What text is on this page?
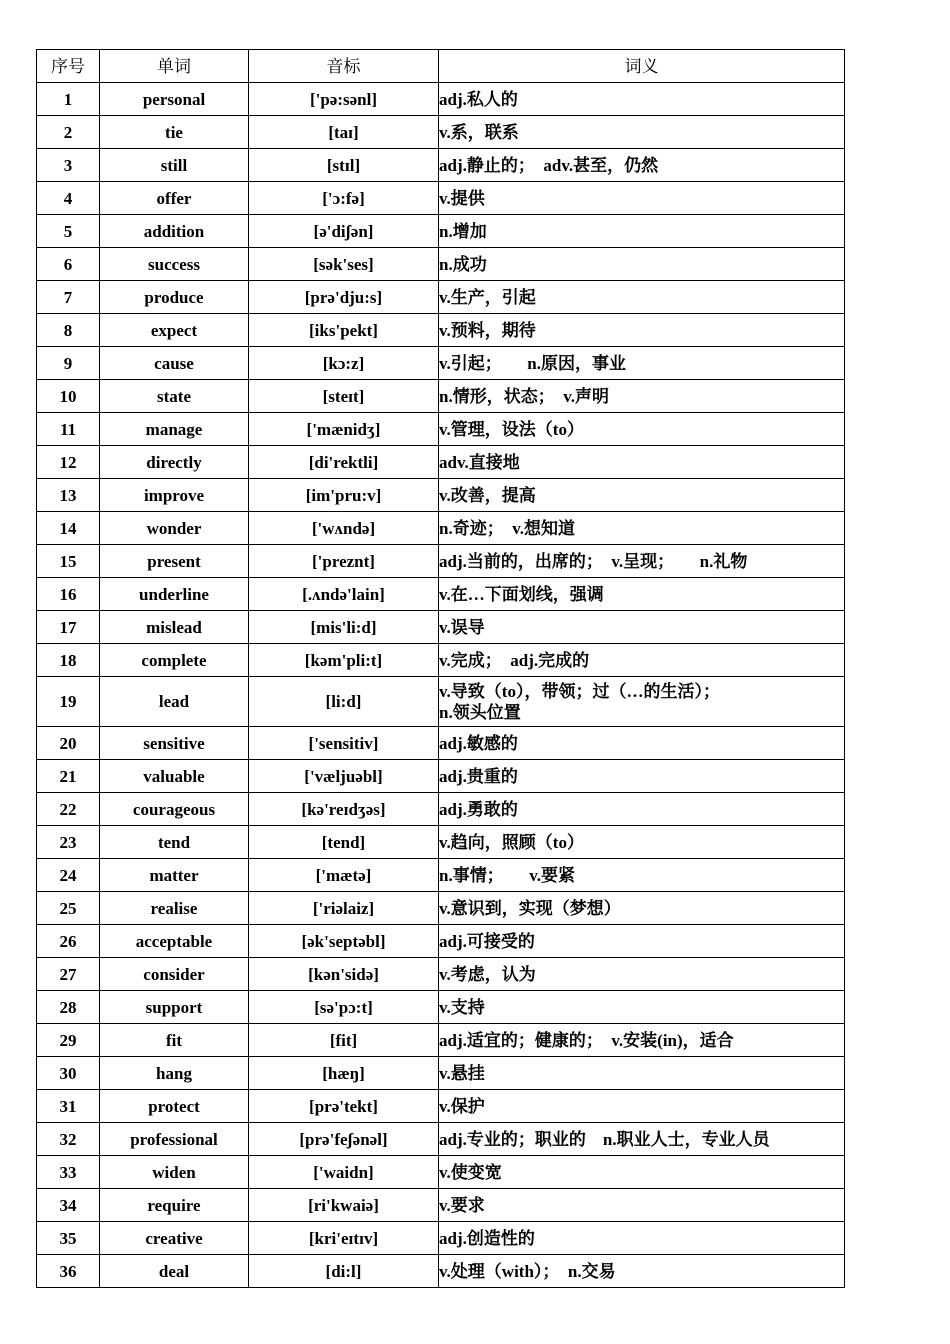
序号	单词	音标	词义
1	personal	['pə:sənl]	adj.私人的
2	tie	[taɪ]	v.系，联系
3	still	[stɪl]	adj.静止的；　adv.甚至，仍然
4	offer	['ɔ:fə]	v.提供
5	addition	[ə'diʃən]	n.增加
6	success	[sək'ses]	n.成功
7	produce	[prə'dju:s]	v.生产，引起
8	expect	[iks'pekt]	v.预料，期待
9	cause	[kɔ:z]	v.引起；　　n.原因，事业
10	state	[steɪt]	n.情形，状态；　v.声明
11	manage	['mænidʒ]	v.管理，设法（to）
12	directly	[di'rektli]	adv.直接地
13	improve	[im'pru:v]	v.改善，提高
14	wonder	['wʌndə]	n.奇迹；　v.想知道
15	present	['preznt]	adj.当前的，出席的；　v.呈现；　　n.礼物
16	underline	[.ʌndə'lain]	v.在…下面划线，强调
17	mislead	[mis'li:d]	v.误导
18	complete	[kəm'pli:t]	v.完成；　adj.完成的
19	lead	[li:d]	v.导致（to），带领；过（…的生活）；
n.领头位置

20	sensitive	['sensitiv]	adj.敏感的
21	valuable	['væljuəbl]	adj.贵重的
22	courageous	[kə'reɪdʒəs]	adj.勇敢的
23	tend	[tend]	v.趋向，照顾（to）
24	matter	['mætə]	n.事情；　　v.要紧
25	realise	['riəlaiz]	v.意识到，实现（梦想）
26	acceptable	[ək'septəbl]	adj.可接受的
27	consider	[kən'sidə]	v.考虑，认为
28	support	[sə'pɔ:t]	v.支持
29	fit	[fit]	adj.适宜的；健康的；　v.安装(in)，适合
30	hang	[hæŋ]	v.悬挂
31	protect	[prə'tekt]	v.保护
32	professional	[prə'feʃənəl]	adj.专业的；职业的　n.职业人士，专业人员
33	widen	['waidn]	v.使变宽
34	require	[ri'kwaiə]	v.要求
35	creative	[kri'eɪtɪv]	adj.创造性的
36	deal	[di:l]	v.处理（with）；　n.交易
